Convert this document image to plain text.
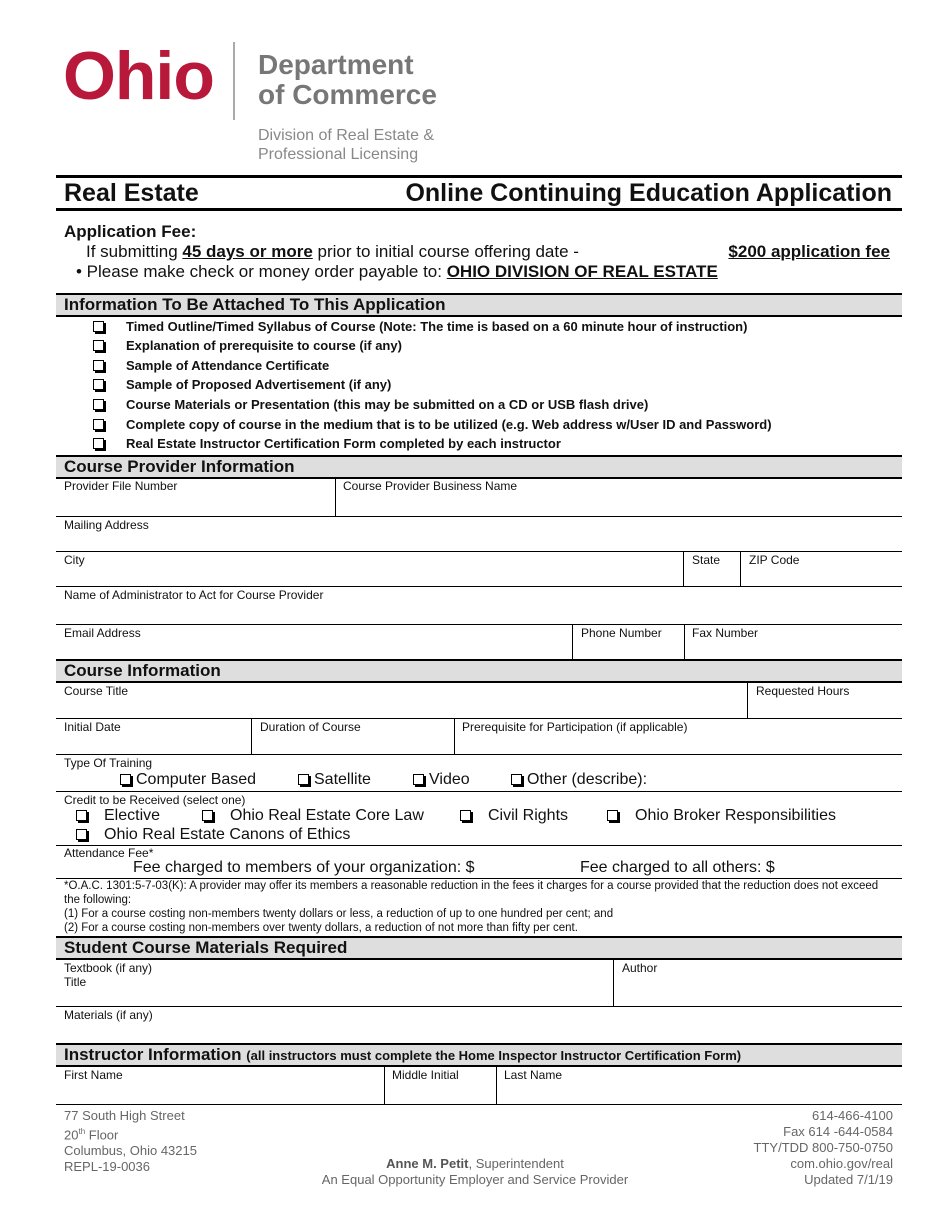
Ohio Department
of Commerce
Division of Real Estate &
Professional Licensing
Real Estate	Online Continuing Education Application
Application Fee:
If submitting 45 days or more prior to initial course offering date -	$200 application fee
• Please make check or money order payable to: OHIO DIVISION OF REAL ESTATE
Information To Be Attached To This Application
Timed Outline/Timed Syllabus of Course (Note: The time is based on a 60 minute hour of instruction)
Explanation of prerequisite to course (if any)
Sample of Attendance Certificate
Sample of Proposed Advertisement (if any)
Course Materials or Presentation (this may be submitted on a CD or USB flash drive)
Complete copy of course in the medium that is to be utilized (e.g. Web address w/User ID and Password)
Real Estate Instructor Certification Form completed by each instructor
Course Provider Information
Provider File Number	Course Provider Business Name
Mailing Address
City	State ZIP Code
Name of Administrator to Act for Course Provider
Email Address	Phone Number	Fax Number
Course Information
Course Title	Requested Hours
Initial Date	Duration of Course	Prerequisite for Participation (if applicable)
Type Of Training
Computer Based	Satellite	Video	Other (describe):
Credit to be Received (select one)
Elective	Ohio Real Estate Core Law	Civil Rights	Ohio Broker Responsibilities
Ohio Real Estate Canons of Ethics
Attendance Fee*
Fee charged to members of your organization: $	Fee charged to all others: $
*O.A.C. 1301:5-7-03(K): A provider may offer its members a reasonable reduction in the fees it charges for a course provided that the reduction does not exceed the following:
(1) For a course costing non-members twenty dollars or less, a reduction of up to one hundred per cent; and
(2) For a course costing non-members over twenty dollars, a reduction of not more than fifty per cent.
Student Course Materials Required
Textbook (if any)
Title
Author
Materials (if any)
Instructor Information (all instructors must complete the Home Inspector Instructor Certification Form)
First Name	Middle Initial	Last Name
77 South High Street
20th Floor
Columbus, Ohio 43215
REPL-19-0036	Anne M. Petit, Superintendent
An Equal Opportunity Employer and Service Provider
614-466-4100
Fax 614 -644-0584
TTY/TDD 800-750-0750
com.ohio.gov/real
Updated 7/1/19
